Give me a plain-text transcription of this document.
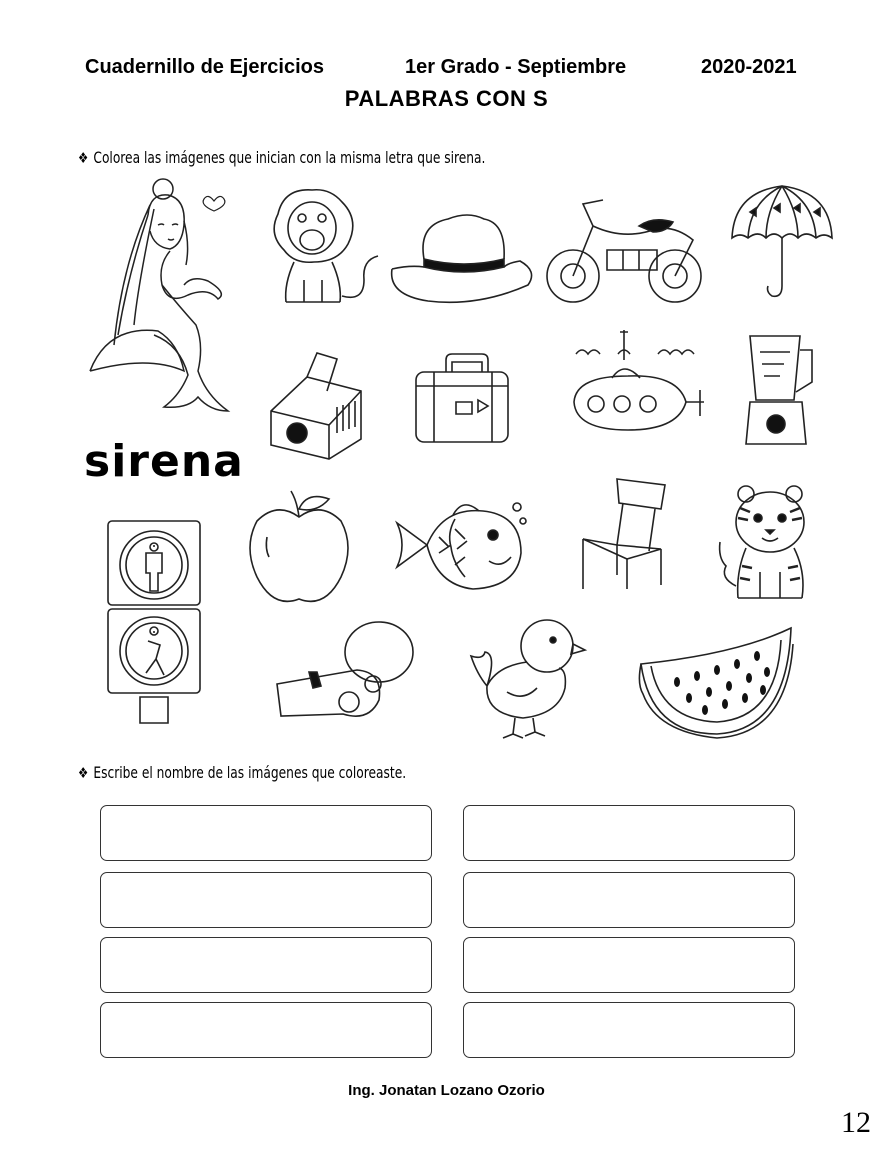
Cuadernillo de Ejercicios	1er Grado - Septiembre	2020-2021
PALABRAS CON S
❖ Colorea las imágenes que inician con la misma letra que sirena.
sirena
❖ Escribe el nombre de las imágenes que coloreaste.
Ing. Jonatan Lozano Ozorio
12
